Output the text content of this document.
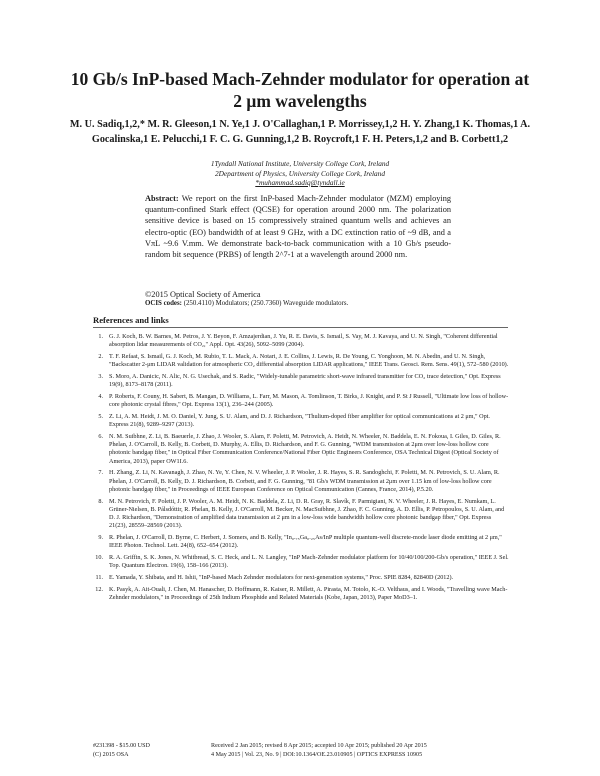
10 Gb/s InP-based Mach-Zehnder modulator for operation at 2 μm wavelengths

M. U. Sadiq,1,2,* M. R. Gleeson,1 N. Ye,1 J. O'Callaghan,1 P. Morrissey,1,2 H. Y. Zhang,1 K. Thomas,1 A. Gocalinska,1 E. Pelucchi,1 F. C. G. Gunning,1,2 B. Roycroft,1 F. H. Peters,1,2 and B. Corbett1,2

1Tyndall National Institute, University College Cork, Ireland
2Department of Physics, University College Cork, Ireland
*muhammad.sadiq@tyndall.ie

Abstract: We report on the first InP-based Mach-Zehnder modulator (MZM) employing quantum-confined Stark effect (QCSE) for operation around 2000 nm. The polarization sensitive device is based on 15 compressively strained quantum wells and achieves an electro-optic (EO) bandwidth of at least 9 GHz, with a DC extinction ratio of ~9 dB, and a VπL ~9.6 V.mm. We demonstrate back-to-back communication with a 10 Gb/s pseudo-random bit sequence (PRBS) of length 2^7-1 at a wavelength around 2000 nm.

©2015 Optical Society of America

OCIS codes: (250.4110) Modulators; (250.7360) Waveguide modulators.

References and links
1. G. J. Koch, B. W. Barnes, M. Petros, J. Y. Beyon, F. Amzajerdian, J. Yu, R. E. Davis, S. Ismail, S. Vay, M. J. Kavaya, and U. N. Singh, "Coherent differential absorption lidar measurements of CO₂," Appl. Opt. 43(26), 5092–5099 (2004).
2. T. F. Refaat, S. Ismail, G. J. Koch, M. Rubio, T. L. Mack, A. Notari, J. E. Collins, J. Lewis, R. De Young, C. Yonghoon, M. N. Abedin, and U. N. Singh, "Backscatter 2-μm LIDAR validation for atmospheric CO₂ differential absorption LIDAR applications," IEEE Trans. Geosci. Rem. Sens. 49(1), 572–580 (2010).
3. S. Moro, A. Danicic, N. Alic, N. G. Usechak, and S. Radic, "Widely-tunable parametric short-wave infrared transmitter for CO₂ trace detection," Opt. Express 19(9), 8173–8178 (2011).
4. P. Roberts, F. Couny, H. Sabert, B. Mangan, D. Williams, L. Farr, M. Mason, A. Tomlinson, T. Birks, J. Knight, and P. St J Russell, "Ultimate low loss of hollow-core photonic crystal fibres," Opt. Express 13(1), 236–244 (2005).
5. Z. Li, A. M. Heidt, J. M. O. Daniel, Y. Jung, S. U. Alam, and D. J. Richardson, "Thulium-doped fiber amplifier for optical communications at 2 μm," Opt. Express 21(8), 9289–9297 (2013).
6. N. M. Suibhne, Z. Li, B. Baeuerle, J. Zhao, J. Wooler, S. Alam, F. Poletti, M. Petrovich, A. Heidt, N. Wheeler, N. Baddela, E. N. Fokoua, I. Giles, D. Giles, R. Phelan, J. O'Carroll, B. Kelly, B. Corbett, D. Murphy, A. Ellis, D. Richardson, and F. G. Gunning, "WDM transmission at 2μm over low-loss hollow core photonic bandgap fiber," in Optical Fiber Communication Conference/National Fiber Optic Engineers Conference, OSA Technical Digest (Optical Society of America, 2013), paper OW1I.6.
7. H. Zhang, Z. Li, N. Kavanagh, J. Zhao, N. Ye, Y. Chen, N. V. Wheeler, J. P. Wooler, J. R. Hayes, S. R. Sandoghchi, F. Poletti, M. N. Petrovich, S. U. Alam, R. Phelan, J. O'Carroll, B. Kelly, D. J. Richardson, B. Corbett, and F. G. Gunning, "81 Gb/s WDM transmission at 2μm over 1.15 km of low-loss hollow core photonic bandgap fiber," in Proceedings of IEEE European Conference on Optical Communication (Cannes, France, 2014), P.5.20.
8. M. N. Petrovich, F. Poletti, J. P. Wooler, A. M. Heidt, N. K. Baddela, Z. Li, D. R. Gray, R. Slavík, F. Parmigiani, N. V. Wheeler, J. R. Hayes, E. Numkam, L. Grüner-Nielsen, B. Pálsdóttir, R. Phelan, B. Kelly, J. O'Carroll, M. Becker, N. MacSuibhne, J. Zhao, F. C. Gunning, A. D. Ellis, P. Petropoulos, S. U. Alam, and D. J. Richardson, "Demonstration of amplified data transmission at 2 μm in a low-loss wide bandwidth hollow core photonic bandgap fiber," Opt. Express 21(23), 28559–28569 (2013).
9. R. Phelan, J. O'Carroll, D. Byrne, C. Herbert, J. Somers, and B. Kelly, "In₀.₇₅Ga₀.₂₅As/InP multiple quantum-well discrete-mode laser diode emitting at 2 μm," IEEE Photon. Technol. Lett. 24(8), 652–654 (2012).
10. R. A. Griffin, S. K. Jones, N. Whitbread, S. C. Heck, and L. N. Langley, "InP Mach-Zehnder modulator platform for 10/40/100/200-Gb/s operation," IEEE J. Sel. Top. Quantum Electron. 19(6), 158–166 (2013).
11. E. Yamada, Y. Shibata, and H. Ishii, "InP-based Mach Zehnder modulators for next-generation systems," Proc. SPIE 8284, 82840D (2012).
12. K. Pasyk, A. Ait-Ouali, J. Chen, M. Hanascher, D. Hoffmann, R. Kaiser, R. Millett, A. Pirasta, M. Totolo, K.-O. Velthaus, and I. Woods, "Travelling wave Mach-Zehnder modulators," in Proceedings of 25th Indium Phosphide and Related Materials (Kobe, Japan, 2013), Paper MoD3–1.
#231398 - $15.00 USD
(C) 2015 OSA
Received 2 Jan 2015; revised 8 Apr 2015; accepted 10 Apr 2015; published 20 Apr 2015
4 May 2015 | Vol. 23, No. 9 | DOI:10.1364/OE.23.010905 | OPTICS EXPRESS 10905
